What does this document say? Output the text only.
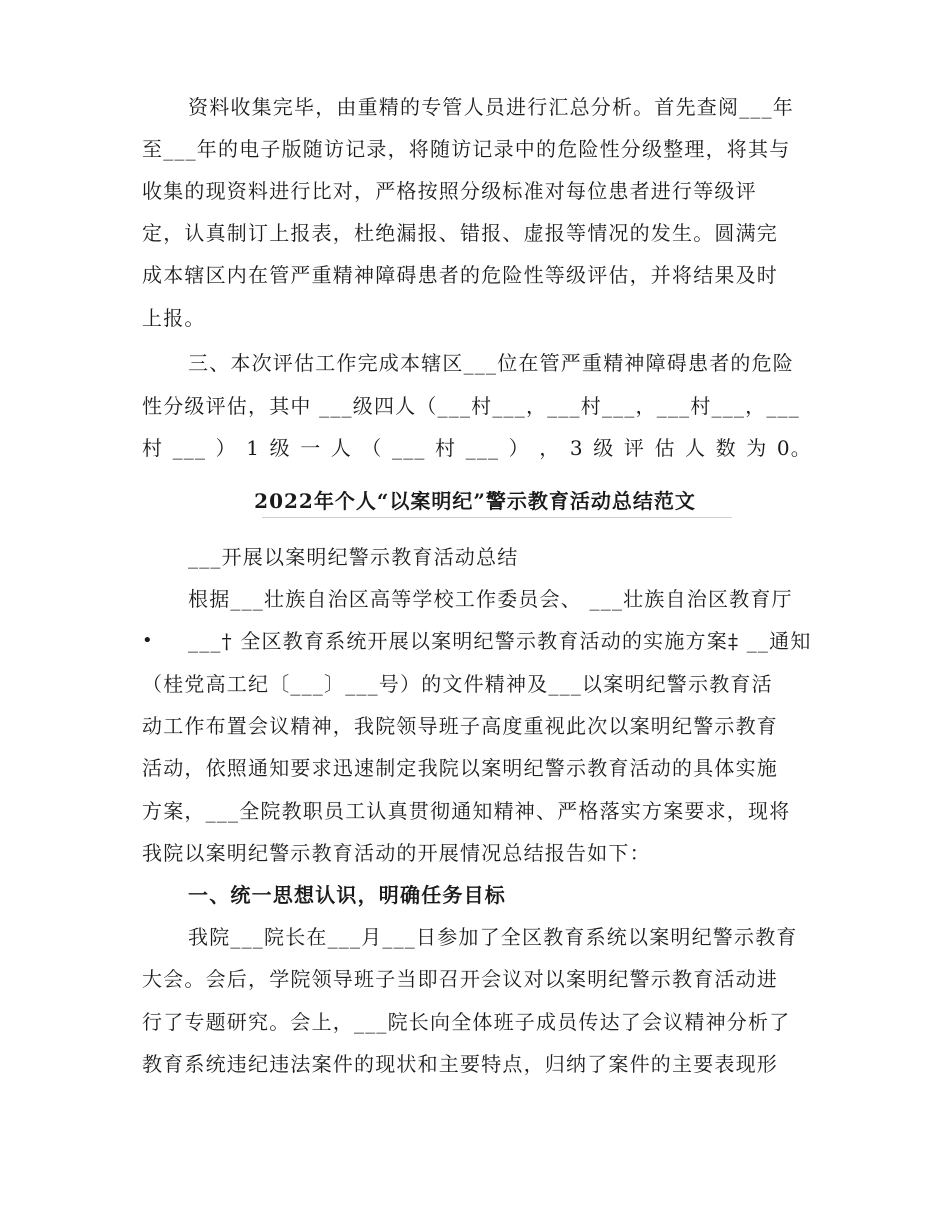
资料收集完毕，由重精的专管人员进行汇总分析。首先查阅___年
至___年的电子版随访记录，将随访记录中的危险性分级整理，将其与
收集的现资料进行比对，严格按照分级标准对每位患者进行等级评
定，认真制订上报表，杜绝漏报、错报、虚报等情况的发生。圆满完
成本辖区内在管严重精神障碍患者的危险性等级评估，并将结果及时
上报。
三、本次评估工作完成本辖区___位在管严重精神障碍患者的危险
性分级评估，其中 ___级四人（___村___，___村___，___村___，___
村 ___ ） 1 级 一 人 （ ___ 村 ___ ） ， 3 级 评 估 人 数 为 0。
2022年个人“以案明纪”警示教育活动总结范文
___开展以案明纪警示教育活动总结
根据___壮族自治区高等学校工作委员会、 ___壮族自治区教育厅
• ___† 全区教育系统开展以案明纪警示教育活动的实施方案‡ __通知
（桂党高工纪〔___〕___号）的文件精神及___以案明纪警示教育活
动工作布置会议精神，我院领导班子高度重视此次以案明纪警示教育
活动，依照通知要求迅速制定我院以案明纪警示教育活动的具体实施
方案，___全院教职员工认真贯彻通知精神、严格落实方案要求，现将
我院以案明纪警示教育活动的开展情况总结报告如下：
一、统一思想认识，明确任务目标
我院___院长在___月___日参加了全区教育系统以案明纪警示教育
大会。会后，学院领导班子当即召开会议对以案明纪警示教育活动进
行了专题研究。会上，___院长向全体班子成员传达了会议精神分析了
教育系统违纪违法案件的现状和主要特点，归纳了案件的主要表现形
